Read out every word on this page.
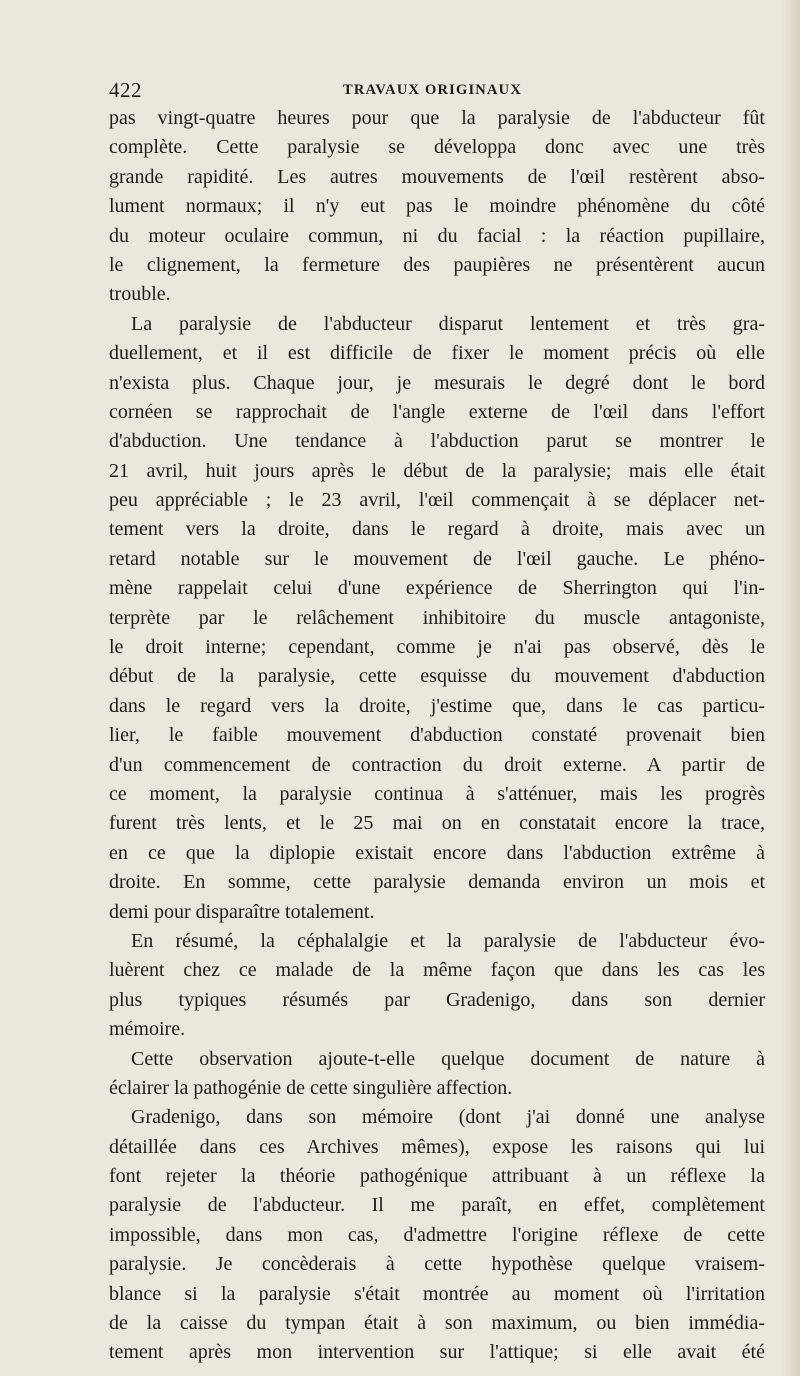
422	TRAVAUX ORIGINAUX
pas vingt-quatre heures pour que la paralysie de l'abducteur fût
complète. Cette paralysie se développa donc avec une très
grande rapidité. Les autres mouvements de l'œil restèrent abso-
lument normaux; il n'y eut pas le moindre phénomène du côté
du moteur oculaire commun, ni du facial : la réaction pupillaire,
le clignement, la fermeture des paupières ne présentèrent aucun
trouble.
La paralysie de l'abducteur disparut lentement et très gra-
duellement, et il est difficile de fixer le moment précis où elle
n'exista plus. Chaque jour, je mesurais le degré dont le bord
cornéen se rapprochait de l'angle externe de l'œil dans l'effort
d'abduction. Une tendance à l'abduction parut se montrer le
21 avril, huit jours après le début de la paralysie; mais elle était
peu appréciable ; le 23 avril, l'œil commençait à se déplacer net-
tement vers la droite, dans le regard à droite, mais avec un
retard notable sur le mouvement de l'œil gauche. Le phéno-
mène rappelait celui d'une expérience de Sherrington qui l'in-
terprète par le relâchement inhibitoire du muscle antagoniste,
le droit interne; cependant, comme je n'ai pas observé, dès le
début de la paralysie, cette esquisse du mouvement d'abduction
dans le regard vers la droite, j'estime que, dans le cas particu-
lier, le faible mouvement d'abduction constaté provenait bien
d'un commencement de contraction du droit externe. A partir de
ce moment, la paralysie continua à s'atténuer, mais les progrès
furent très lents, et le 25 mai on en constatait encore la trace,
en ce que la diplopie existait encore dans l'abduction extrême à
droite. En somme, cette paralysie demanda environ un mois et
demi pour disparaître totalement.
En résumé, la céphalalgie et la paralysie de l'abducteur évo-
luèrent chez ce malade de la même façon que dans les cas les
plus typiques résumés par Gradenigo, dans son dernier
mémoire.
Cette observation ajoute-t-elle quelque document de nature à
éclairer la pathogénie de cette singulière affection.
Gradenigo, dans son mémoire (dont j'ai donné une analyse
détaillée dans ces Archives mêmes), expose les raisons qui lui
font rejeter la théorie pathogénique attribuant à un réflexe la
paralysie de l'abducteur. Il me paraît, en effet, complètement
impossible, dans mon cas, d'admettre l'origine réflexe de cette
paralysie. Je concèderais à cette hypothèse quelque vraisem-
blance si la paralysie s'était montrée au moment où l'irritation
de la caisse du tympan était à son maximum, ou bien immédia-
tement après mon intervention sur l'attique; si elle avait été
